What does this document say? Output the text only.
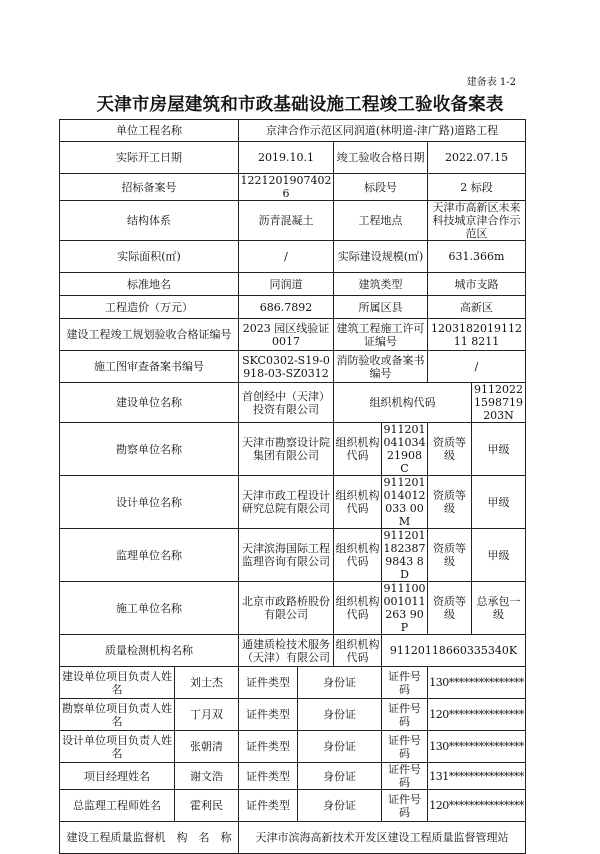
建备表 1-2
天津市房屋建筑和市政基础设施工程竣工验收备案表
单位工程名称		京津合作示范区同润道(林明道-津广路)道路工程					
实际开工日期		2019.10.1		竣工验收合格日期		2022.07.15	
招标备案号		12212019074026		标段号		2 标段	
结构体系		沥青混凝土		工程地点		天津市高新区未来科技城京津合作示范区	
实际面积(㎡)		/		实际建设规模(㎡)		631.366m	
标准地名		同润道		建筑类型		城市支路	
工程造价（万元）		686.7892		所属区县		高新区	
建设工程竣工规划验收合格证编号		2023 园区线验证 0017		建筑工程施工许可证编号		120318201911211 8211	
施工图审查备案书编号		SKC0302-S19-0918-03-SZ0312		消防验收或备案书编号		/	
建设单位名称		首创经中（天津）投资有限公司		组织机构代码			91120221598719203N
勘察单位名称		天津市勘察设计院集团有限公司		组织机构代码	91120104103421908C	资质等级	甲级
设计单位名称		天津市政工程设计研究总院有限公司		组织机构代码	911201014012033 00M	资质等级	甲级
监理单位名称		天津滨海国际工程监理咨询有限公司		组织机构代码	9112011823879843 8D	资质等级	甲级
施工单位名称		北京市政路桥股份有限公司		组织机构代码	911100001011263 90P	资质等级	总承包一级
质量检测机构名称		通建质检技术服务（天津）有限公司		组织机构代码	91120118660335340K		
建设单位项目负责人姓名	刘士杰	证件类型	身份证		证件号码	130***************	
勘察单位项目负责人姓名	丁月双	证件类型	身份证		证件号码	120***************	
设计单位项目负责人姓名	张朝清	证件类型	身份证		证件号码	130***************	
项目经理姓名	谢文浩	证件类型	身份证		证件号码	131***************	
总监理工程师姓名	霍利民	证件类型	身份证		证件号码	120***************	
建设工程质量监督机　构　名　称		天津市滨海高新技术开发区建设工程质量监督管理站					
